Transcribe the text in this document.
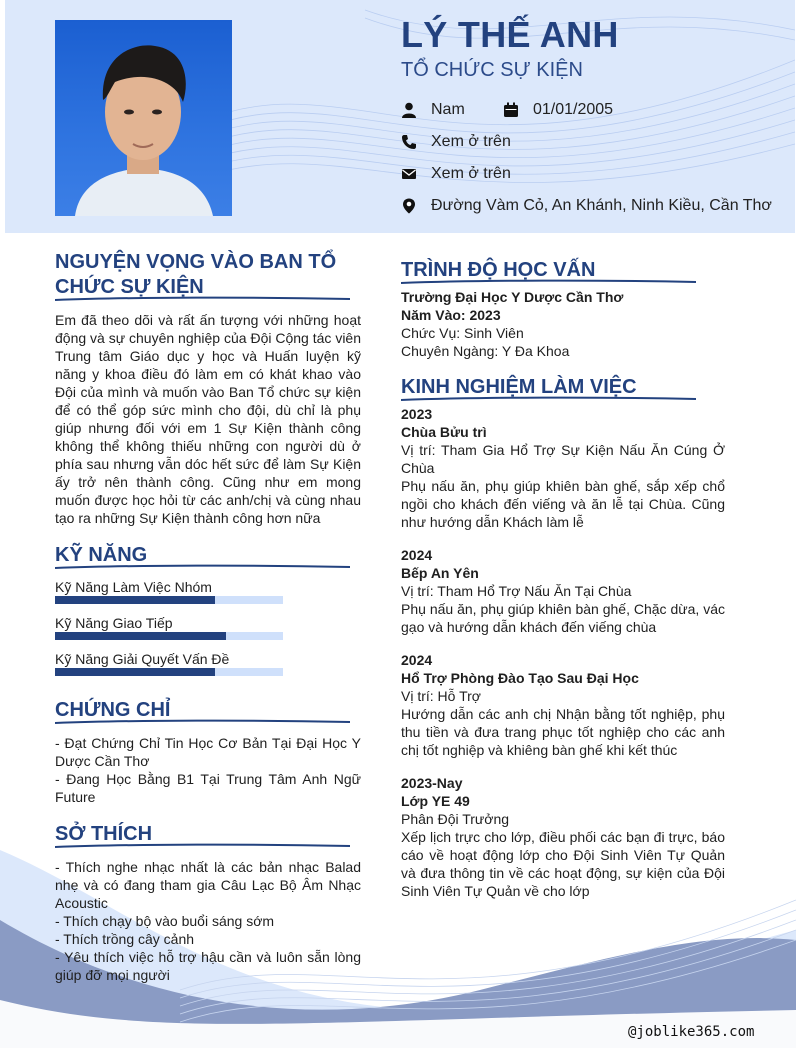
LÝ THẾ ANH
TỔ CHỨC SỰ KIỆN
Nam	01/01/2005
Xem ở trên
Xem ở trên
Đường Vàm Cỏ, An Khánh, Ninh Kiều, Cần Thơ
NGUYỆN VỌNG VÀO BAN TỔ
CHỨC SỰ KIỆN
Em đã theo dõi và rất ấn tượng với những hoạt động và sự chuyên nghiệp của Đội Cộng tác viên Trung tâm Giáo dục y học và Huấn luyện kỹ năng y khoa điều đó làm em có khát khao vào Đội của mình và muốn vào Ban Tổ chức sự kiện để có thể góp sức mình cho đội, dù chỉ là phụ giúp nhưng đối với em 1 Sự Kiện thành công không thể không thiếu những con người dù ở phía sau nhưng vẫn dóc hết sức để làm Sự Kiện ấy trở nên thành công. Cũng như em mong muốn được học hỏi từ các anh/chị và cùng nhau tạo ra những Sự Kiện thành công hơn nữa
KỸ NĂNG
Kỹ Năng Làm Việc Nhóm
Kỹ Năng Giao Tiếp
Kỹ Năng Giải Quyết Vấn Đề
CHỨNG CHỈ
- Đạt Chứng Chỉ Tin Học Cơ Bản Tại Đại Học Y Dược Cần Thơ
- Đang Học Bằng B1 Tại Trung Tâm Anh Ngữ Future
SỞ THÍCH
- Thích nghe nhạc nhất là các bản nhạc Balad nhẹ và có đang tham gia Câu Lạc Bộ Âm Nhạc Acoustic
- Thích chạy bộ vào buổi sáng sớm
- Thích trồng cây cảnh
- Yêu thích việc hỗ trợ hậu cần và luôn sẵn lòng giúp đỡ mọi người
TRÌNH ĐỘ HỌC VẤN
Trường Đại Học Y Dược Cần Thơ
Năm Vào: 2023
Chức Vụ: Sinh Viên
Chuyên Ngàng: Y Đa Khoa
KINH NGHIỆM LÀM VIỆC
2023
Chùa Bửu trì
Vị trí: Tham Gia Hổ Trợ Sự Kiện Nấu Ăn Cúng Ở Chùa
Phụ nấu ăn, phụ giúp khiên bàn ghế, sắp xếp chổ ngồi cho khách đến viếng và ăn lễ tại Chùa. Cũng như hướng dẫn Khách làm lễ
2024
Bếp An Yên
Vị trí: Tham Hổ Trợ Nấu Ăn Tại Chùa
Phụ nấu ăn, phụ giúp khiên bàn ghế, Chặc dừa, vác gạo và hướng dẫn khách đến viếng chùa
2024
Hổ Trợ Phòng Đào Tạo Sau Đại Học
Vị trí: Hỗ Trợ
Hướng dẫn các anh chị Nhận bằng tốt nghiệp, phụ thu tiền và đưa trang phục tốt nghiệp cho các anh chị tốt nghiệp và khiêng bàn ghế khi kết thúc
2023-Nay
Lớp YE 49
Phân Đội Trưởng
Xếp lịch trực cho lớp, điều phối các bạn đi trực, báo cáo về hoạt động lớp cho Đội Sinh Viên Tự Quản và đưa thông tin về các hoạt động, sự kiện của Đội Sinh Viên Tự Quản về cho lớp
@joblike365.com
